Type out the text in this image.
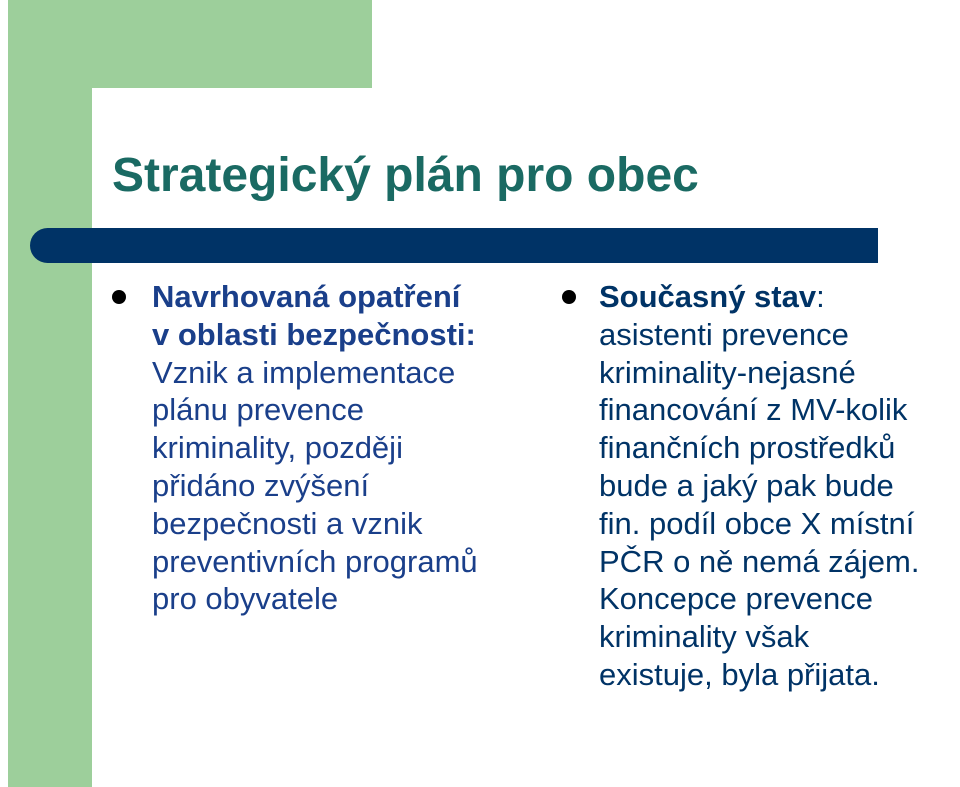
Strategický plán pro obec
Navrhovaná opatření
v oblasti bezpečnosti:
Vznik a implementace
plánu prevence
kriminality, později
přidáno zvýšení
bezpečnosti a vznik
preventivních programů
pro obyvatele
Současný stav:
asistenti prevence
kriminality-nejasné
financování z MV-kolik
finančních prostředků
bude a jaký pak bude
fin. podíl obce X místní
PČR o ně nemá zájem.
Koncepce prevence
kriminality však
existuje, byla přijata.
